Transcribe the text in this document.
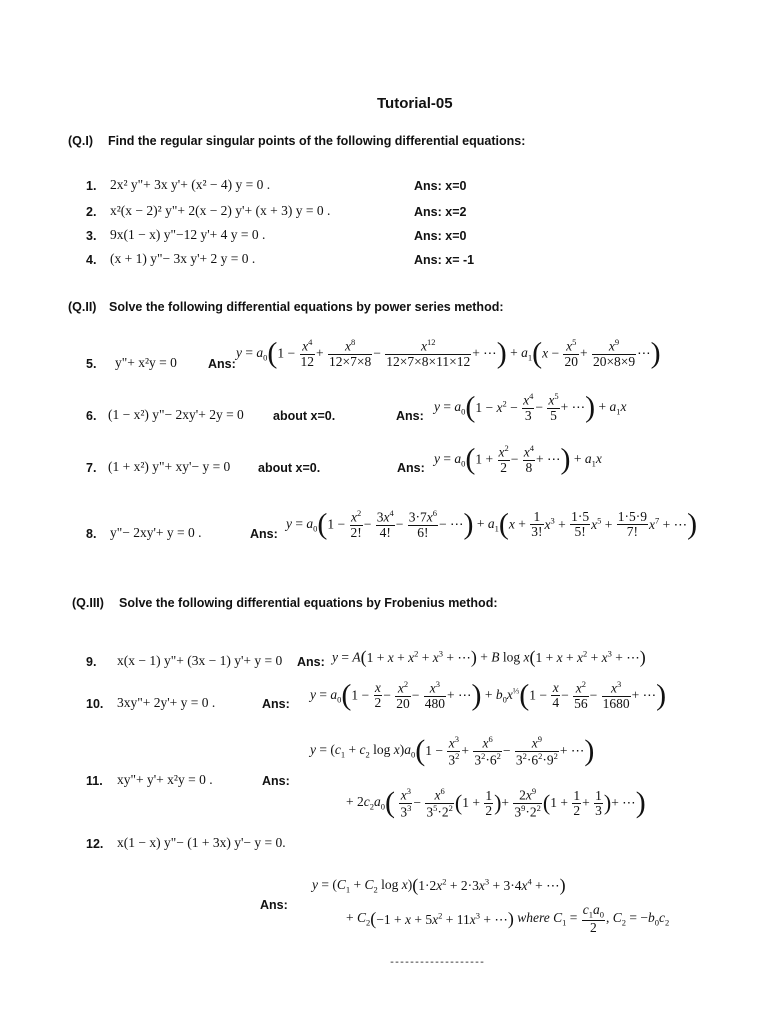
Tutorial-05
(Q.I) Find the regular singular points of the following differential equations:
1. 2x² y"+ 3x y'+ (x² − 4) y = 0 .	Ans: x=0
2. x²(x − 2)² y"+ 2(x − 2) y'+ (x + 3) y = 0 .	Ans: x=2
3. 9x(1 − x) y"−12 y'+ 4 y = 0 .	Ans: x=0
4. (x + 1) y"− 3x y'+ 2 y = 0 .	Ans: x= -1
(Q.II) Solve the following differential equations by power series method:
5. y"+ x²y = 0 Ans:
$y = a_0(1 - \frac{x^4}{12} + \frac{x^8}{12\times 7\times 8} - \frac{x^{12}}{12\times 7\times 8\times 11\times 12}$ + ⋯) + $a_1(x - \frac{x^5}{20} + \frac{x^9}{20\times 8\times 9}$ ⋯)
6. (1 − x²) y"− 2xy'+ 2y = 0 about x=0.	Ans:
$y = a_0(1 - x^2 - \frac{x^4}{3} - \frac{x^5}{5}$ + ⋯) + $a_1x$
7. (1 + x²) y"+ xy'− y = 0 about x=0.	Ans:
$y = a_0(1 + \frac{x^2}{2} - \frac{x^4}{8}$ + ⋯) + $a_1x$
8. y"− 2xy'+ y = 0 .	Ans:
$y = a_0(1 - \frac{x^2}{2!} - \frac{3x^4}{4!} - \frac{3\cdot 7x^6}{6!}$ − ⋯) + $a_1(x + \frac{1}{3!} x^3 + \frac{1\cdot 5}{5!} x^5 + \frac{1\cdot 5\cdot 9}{7!} x^7$ + ⋯)
(Q.III) Solve the following differential equations by Frobenius method:
9. x(x − 1) y"+ (3x − 1) y'+ y = 0 Ans: $y = A(1 + x + x^2 + x^3$ + ⋯) + B $\log x(1 + x + x^2 + x^3$ + ⋯)
10. 3xy"+ 2y'+ y = 0 .	Ans:
$y = a_0(1 - \frac{x}{2} - \frac{x^2}{20} - \frac{x^3}{480}$ + ⋯) + $b_0x^{\frac{1}{3}}(1 - \frac{x}{4} - \frac{x^2}{56} - \frac{x^3}{1680}$ + ⋯)
11. xy"+ y'+ x²y = 0 .	Ans:
$y = (c_1 + c_2$ $\log x)a_0(1 - \frac{x^3}{3^2} + \frac{x^6}{3^2\cdot 6^2} - \frac{x^9}{3^2\cdot 6^2\cdot 9^2}$ + ⋯)
+ $2c_2a_0( \frac{x^3}{3^3} - \frac{x^6}{3^5\cdot 2^2} (1 + \frac{1}{2}$ )+ $\frac{2x^9}{3^9\cdot 2^2} (1 + \frac{1}{2} + \frac{1}{3}$ )+ ⋯)
12. x(1 − x) y"− (1 + 3x) y'− y = 0.
Ans:
$y = (C_1 + C_2$ $\log x)(1\cdot 2x^2 + 2\cdot 3x^3 + 3\cdot 4x^4$ + ⋯)
+ $C_2(-1 + x + 5x^2 + 11x^3$ + ⋯) where $C_1 = \frac{c_1a_0}{2}$ , $C_2 = -b_0c_2$
-------------------
